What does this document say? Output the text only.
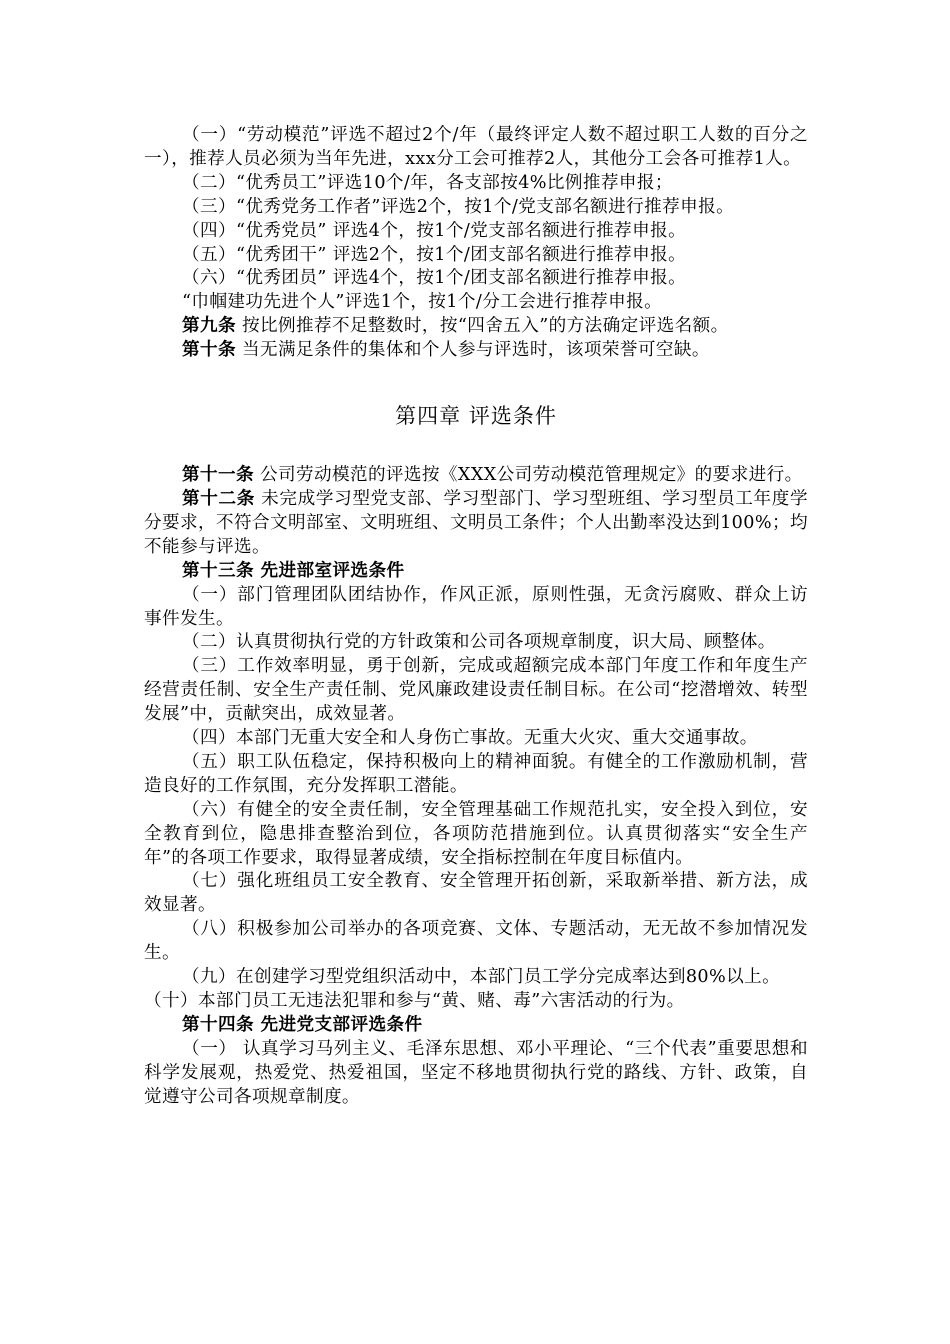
（一）“劳动模范”评选不超过2个/年（最终评定人数不超过职工人数的百分之一），推荐人员必须为当年先进，xxx分工会可推荐2人，其他分工会各可推荐1人。

（二）“优秀员工”评选10个/年，各支部按4%比例推荐申报；

（三）“优秀党务工作者”评选2个，按1个/党支部名额进行推荐申报。

（四）“优秀党员” 评选4个，按1个/党支部名额进行推荐申报。

（五）“优秀团干” 评选2个，按1个/团支部名额进行推荐申报。

（六）“优秀团员” 评选4个，按1个/团支部名额进行推荐申报。

“巾帼建功先进个人”评选1个，按1个/分工会进行推荐申报。

第九条 按比例推荐不足整数时，按“四舍五入”的方法确定评选名额。

第十条 当无满足条件的集体和个人参与评选时，该项荣誉可空缺。

第四章 评选条件

第十一条 公司劳动模范的评选按《XXX公司劳动模范管理规定》的要求进行。

第十二条 未完成学习型党支部、学习型部门、学习型班组、学习型员工年度学分要求，不符合文明部室、文明班组、文明员工条件；个人出勤率没达到100%；均不能参与评选。

第十三条 先进部室评选条件

（一）部门管理团队团结协作，作风正派，原则性强，无贪污腐败、群众上访事件发生。

（二）认真贯彻执行党的方针政策和公司各项规章制度，识大局、顾整体。

（三）工作效率明显，勇于创新，完成或超额完成本部门年度工作和年度生产经营责任制、安全生产责任制、党风廉政建设责任制目标。在公司“挖潜增效、转型发展”中，贡献突出，成效显著。

（四）本部门无重大安全和人身伤亡事故。无重大火灾、重大交通事故。

（五）职工队伍稳定，保持积极向上的精神面貌。有健全的工作激励机制，营造良好的工作氛围，充分发挥职工潜能。

（六）有健全的安全责任制，安全管理基础工作规范扎实，安全投入到位，安全教育到位，隐患排查整治到位，各项防范措施到位。认真贯彻落实“安全生产年”的各项工作要求，取得显著成绩，安全指标控制在年度目标值内。

（七）强化班组员工安全教育、安全管理开拓创新，采取新举措、新方法，成效显著。

（八）积极参加公司举办的各项竞赛、文体、专题活动，无无故不参加情况发生。

（九）在创建学习型党组织活动中，本部门员工学分完成率达到80%以上。

（十）本部门员工无违法犯罪和参与“黄、赌、毒”六害活动的行为。

第十四条 先进党支部评选条件

（一） 认真学习马列主义、毛泽东思想、邓小平理论、“三个代表”重要思想和科学发展观，热爱党、热爱祖国，坚定不移地贯彻执行党的路线、方针、政策，自觉遵守公司各项规章制度。
